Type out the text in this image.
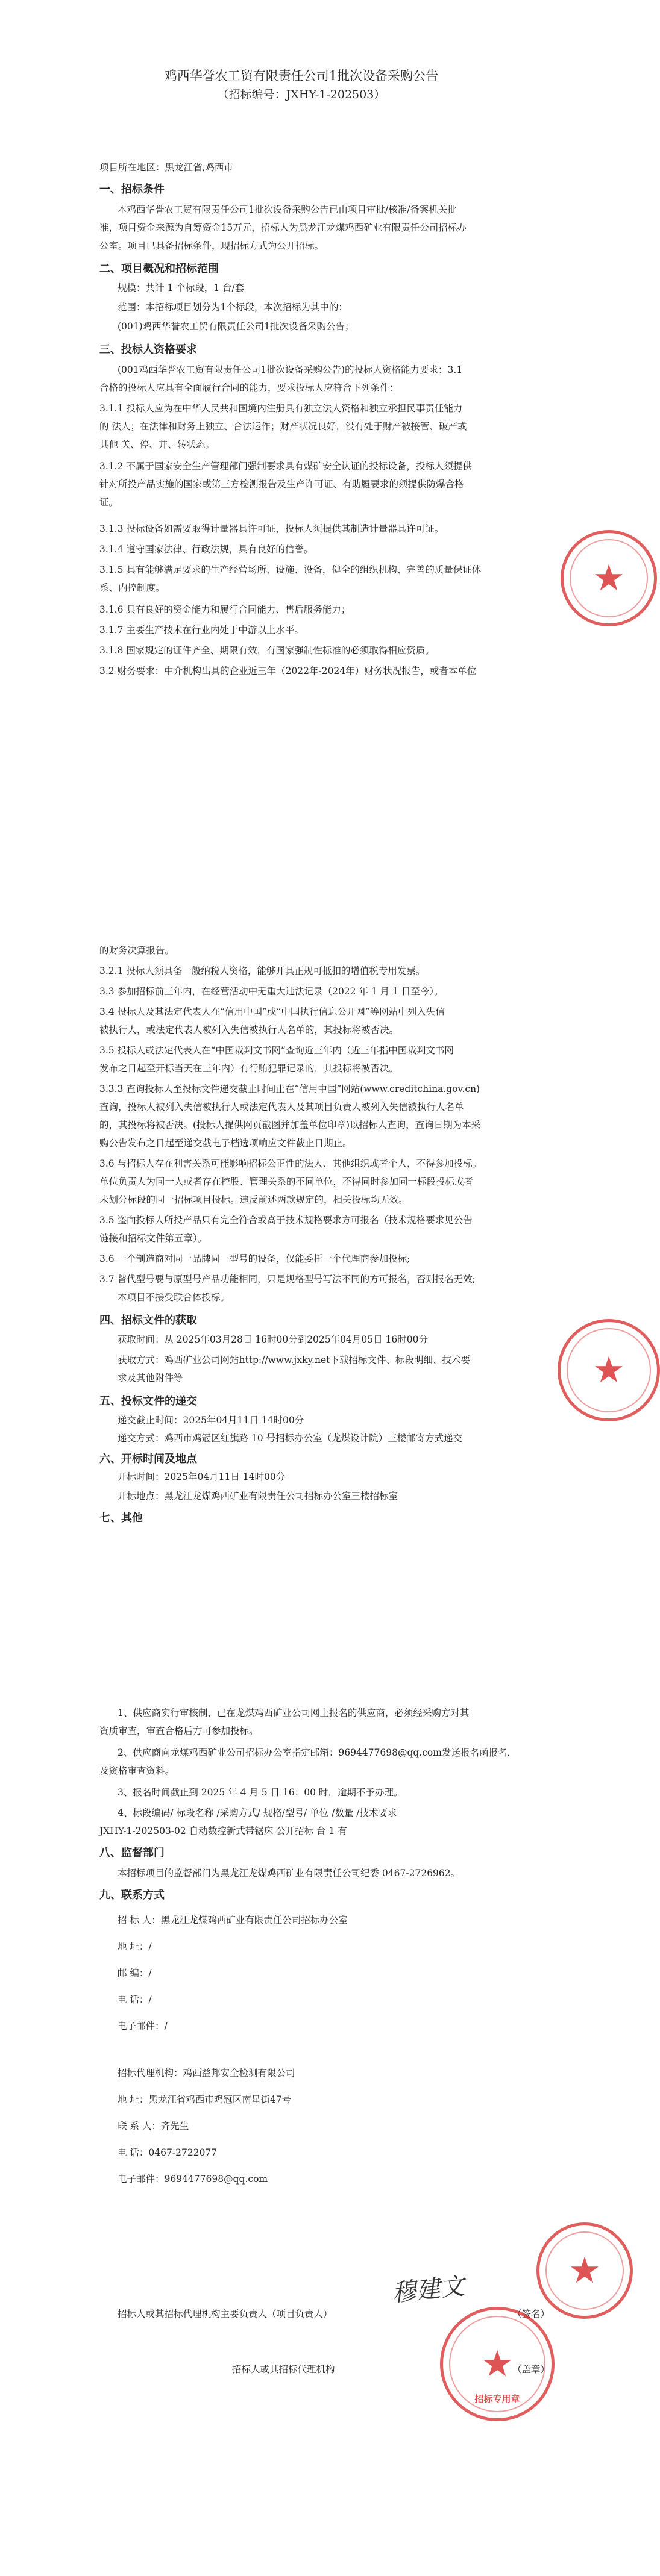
鸡西华誉农工贸有限责任公司1批次设备采购公告
（招标编号：JXHY-1-202503）
项目所在地区：黑龙江省,鸡西市
一、招标条件
本鸡西华誉农工贸有限责任公司1批次设备采购公告已由项目审批/核准/备案机关批
准，项目资金来源为自筹资金15万元，招标人为黑龙江龙煤鸡西矿业有限责任公司招标办
公室。项目已具备招标条件，现招标方式为公开招标。
二、项目概况和招标范围
规模：共计 1 个标段，1 台/套
范围：本招标项目划分为1个标段，本次招标为其中的：
(001)鸡西华誉农工贸有限责任公司1批次设备采购公告；
三、投标人资格要求
(001鸡西华誉农工贸有限责任公司1批次设备采购公告)的投标人资格能力要求：3.1
合格的投标人应具有全面履行合同的能力，要求投标人应符合下列条件：
3.1.1 投标人应为在中华人民共和国境内注册具有独立法人资格和独立承担民事责任能力
的 法人；在法律和财务上独立、合法运作；财产状况良好，没有处于财产被接管、破产或
其他 关、停、并、转状态。
3.1.2 不属于国家安全生产管理部门强制要求具有煤矿安全认证的投标设备，投标人须提供
针对所投产品实施的国家或第三方检测报告及生产许可证、有助履要求的须提供防爆合格
证。
3.1.3 投标设备如需要取得计量器具许可证，投标人须提供其制造计量器具许可证。
3.1.4 遵守国家法律、行政法规，具有良好的信誉。
3.1.5 具有能够满足要求的生产经营场所、设施、设备，健全的组织机构、完善的质量保证体
系、内控制度。
3.1.6 具有良好的资金能力和履行合同能力、售后服务能力；
3.1.7 主要生产技术在行业内处于中游以上水平。
3.1.8 国家规定的证件齐全、期限有效，有国家强制性标准的必须取得相应资质。
3.2 财务要求：中介机构出具的企业近三年（2022年-2024年）财务状况报告，或者本单位
的财务决算报告。
3.2.1 投标人须具备一般纳税人资格，能够开具正规可抵扣的增值税专用发票。
3.3 参加招标前三年内，在经营活动中无重大违法记录（2022 年 1 月 1 日至今）。
3.4 投标人及其法定代表人在“信用中国”或“中国执行信息公开网”等网站中列入失信
被执行人，或法定代表人被列入失信被执行人名单的，其投标将被否决。
3.5 投标人或法定代表人在“中国裁判文书网”查询近三年内（近三年指中国裁判文书网
发布之日起至开标当天在三年内）有行贿犯罪记录的，其投标将被否决。
3.3.3 查询投标人至投标文件递交截止时间止在“信用中国”网站(www.creditchina.gov.cn)
查询，投标人被列入失信被执行人或法定代表人及其项目负责人被列入失信被执行人名单
的，其投标将被否决。(投标人提供网页截图并加盖单位印章)以招标人查询，查询日期为本采
购公告发布之日起至递交截电子档选项响应文件截止日期止。
3.6 与招标人存在利害关系可能影响招标公正性的法人、其他组织或者个人，不得参加投标。
单位负责人为同一人或者存在控股、管理关系的不同单位，不得同时参加同一标段投标或者
未划分标段的同一招标项目投标。违反前述两款规定的，相关投标均无效。
3.5 盗向投标人所投产品只有完全符合或高于技术规格要求方可报名（技术规格要求见公告
链接和招标文件第五章）。
3.6 一个制造商对同一品牌同一型号的设备，仅能委托一个代理商参加投标;
3.7 替代型号要与原型号产品功能相同，只是规格型号写法不同的方可报名，否则报名无效;
本项目不接受联合体投标。
四、招标文件的获取
获取时间：从 2025年03月28日 16时00分到2025年04月05日 16时00分
获取方式：鸡西矿业公司网站http://www.jxky.net下载招标文件、标段明细、技术要
求及其他附件等
五、投标文件的递交
递交截止时间：2025年04月11日 14时00分
递交方式：鸡西市鸡冠区红旗路 10 号招标办公室（龙煤设计院）三楼邮寄方式递交
六、开标时间及地点
开标时间：2025年04月11日 14时00分
开标地点：黑龙江龙煤鸡西矿业有限责任公司招标办公室三楼招标室
七、其他
1、供应商实行审核制，已在龙煤鸡西矿业公司网上报名的供应商，必须经采购方对其
资质审查，审查合格后方可参加投标。
2、供应商向龙煤鸡西矿业公司招标办公室指定邮箱：9694477698@qq.com发送报名函报名，
及资格审查资料。
3、报名时间截止到 2025 年 4 月 5 日 16：00 时，逾期不予办理。
4、标段编码/ 标段名称 /采购方式/ 规格/型号/ 单位 /数量 /技术要求
JXHY-1-202503-02 自动数控新式带锯床 公开招标 台 1 有
八、监督部门
本招标项目的监督部门为黑龙江龙煤鸡西矿业有限责任公司纪委 0467-2726962。
九、联系方式
招 标 人：黑龙江龙煤鸡西矿业有限责任公司招标办公室
地 址：/
邮 编：/
电 话：/
电子邮件：/
招标代理机构：鸡西益邦安全检测有限公司
地 址：黑龙江省鸡西市鸡冠区南星街47号
联 系 人：齐先生
电 话：0467-2722077
电子邮件：9694477698@qq.com
招标人或其招标代理机构主要负责人（项目负责人）	（签名）
穆建文
招标人或其招标代理机构	（盖章）
★
★
★
★
招标专用章
